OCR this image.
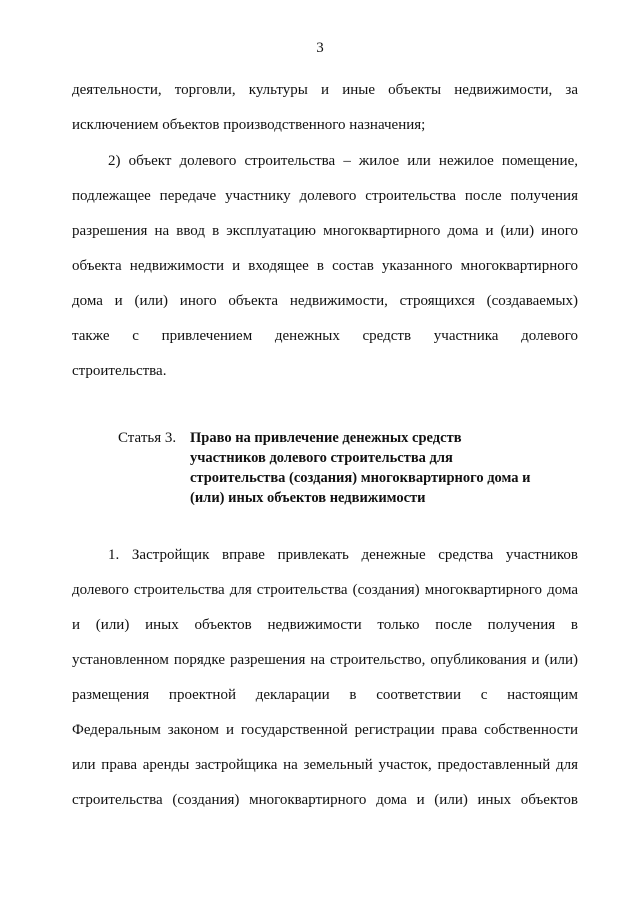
3
деятельности, торговли, культуры и иные объекты недвижимости, за
исключением объектов производственного назначения;
2) объект долевого строительства – жилое или нежилое помещение,
подлежащее передаче участнику долевого строительства после получения
разрешения на ввод в эксплуатацию многоквартирного дома и (или) иного
объекта недвижимости и входящее в состав указанного многоквартирного
дома и (или) иного объекта недвижимости, строящихся (создаваемых)
также с привлечением денежных средств участника долевого
строительства.
Статья 3. Право на привлечение денежных средств
участников долевого строительства для
строительства (создания) многоквартирного дома и
(или) иных объектов недвижимости
1. Застройщик вправе привлекать денежные средства участников
долевого строительства для строительства (создания) многоквартирного дома
и (или) иных объектов недвижимости только после получения в
установленном порядке разрешения на строительство, опубликования и (или)
размещения проектной декларации в соответствии с настоящим
Федеральным законом и государственной регистрации права собственности
или права аренды застройщика на земельный участок, предоставленный для
строительства (создания) многоквартирного дома и (или) иных объектов
